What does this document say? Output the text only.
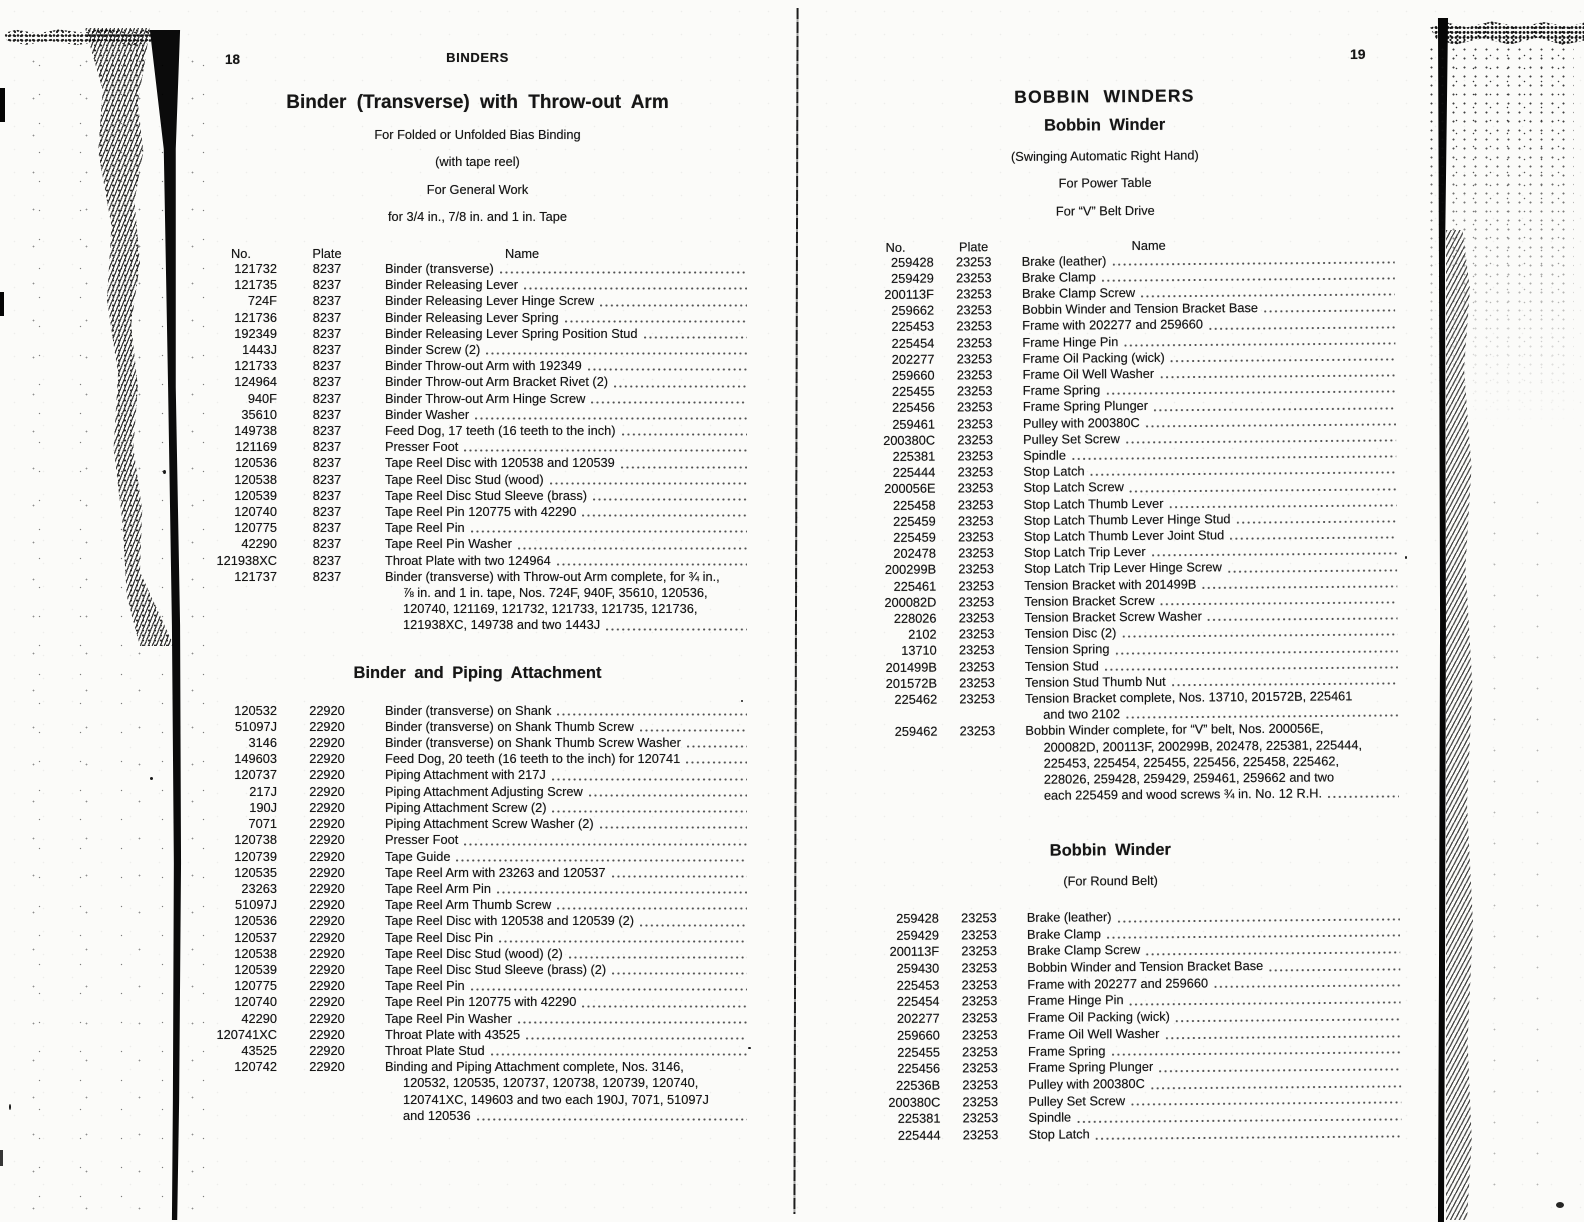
18	BINDERS
Binder (Transverse) with Throw-out Arm
For Folded or Unfolded Bias Binding
(with tape reel)
For General Work
for 3/4 in., 7/8 in. and 1 in. Tape
No.	Plate	Name
121732	8237	Binder (transverse)
121735	8237	Binder Releasing Lever
724F	8237	Binder Releasing Lever Hinge Screw
121736	8237	Binder Releasing Lever Spring
192349	8237	Binder Releasing Lever Spring Position Stud
1443J	8237	Binder Screw (2)
121733	8237	Binder Throw-out Arm with 192349
124964	8237	Binder Throw-out Arm Bracket Rivet (2)
940F	8237	Binder Throw-out Arm Hinge Screw
35610	8237	Binder Washer
149738	8237	Feed Dog, 17 teeth (16 teeth to the inch)
121169	8237	Presser Foot
120536	8237	Tape Reel Disc with 120538 and 120539
120538	8237	Tape Reel Disc Stud (wood)
120539	8237	Tape Reel Disc Stud Sleeve (brass)
120740	8237	Tape Reel Pin 120775 with 42290
120775	8237	Tape Reel Pin
42290	8237	Tape Reel Pin Washer
121938XC	8237	Throat Plate with two 124964
121737	8237	Binder (transverse) with Throw-out Arm complete, for ¾ in.,
⅞ in. and 1 in. tape, Nos. 724F, 940F, 35610, 120536,
120740, 121169, 121732, 121733, 121735, 121736,
121938XC, 149738 and two 1443J
Binder and Piping Attachment
120532	22920	Binder (transverse) on Shank
51097J	22920	Binder (transverse) on Shank Thumb Screw
3146	22920	Binder (transverse) on Shank Thumb Screw Washer
149603	22920	Feed Dog, 20 teeth (16 teeth to the inch) for 120741
120737	22920	Piping Attachment with 217J
217J	22920	Piping Attachment Adjusting Screw
190J	22920	Piping Attachment Screw (2)
7071	22920	Piping Attachment Screw Washer (2)
120738	22920	Presser Foot
120739	22920	Tape Guide
120535	22920	Tape Reel Arm with 23263 and 120537
23263	22920	Tape Reel Arm Pin
51097J	22920	Tape Reel Arm Thumb Screw
120536	22920	Tape Reel Disc with 120538 and 120539 (2)
120537	22920	Tape Reel Disc Pin
120538	22920	Tape Reel Disc Stud (wood) (2)
120539	22920	Tape Reel Disc Stud Sleeve (brass) (2)
120775	22920	Tape Reel Pin
120740	22920	Tape Reel Pin 120775 with 42290
42290	22920	Tape Reel Pin Washer
120741XC	22920	Throat Plate with 43525
43525	22920	Throat Plate Stud
120742	22920	Binding and Piping Attachment complete, Nos. 3146,
120532, 120535, 120737, 120738, 120739, 120740,
120741XC, 149603 and two each 190J, 7071, 51097J
and 120536
19
BOBBIN WINDERS
Bobbin Winder
(Swinging Automatic Right Hand)
For Power Table
For “V” Belt Drive
No.	Plate	Name
259428	23253	Brake (leather)
259429	23253	Brake Clamp
200113F	23253	Brake Clamp Screw
259662	23253	Bobbin Winder and Tension Bracket Base
225453	23253	Frame with 202277 and 259660
225454	23253	Frame Hinge Pin
202277	23253	Frame Oil Packing (wick)
259660	23253	Frame Oil Well Washer
225455	23253	Frame Spring
225456	23253	Frame Spring Plunger
259461	23253	Pulley with 200380C
200380C	23253	Pulley Set Screw
225381	23253	Spindle
225444	23253	Stop Latch
200056E	23253	Stop Latch Screw
225458	23253	Stop Latch Thumb Lever
225459	23253	Stop Latch Thumb Lever Hinge Stud
225459	23253	Stop Latch Thumb Lever Joint Stud
202478	23253	Stop Latch Trip Lever
200299B	23253	Stop Latch Trip Lever Hinge Screw
225461	23253	Tension Bracket with 201499B
200082D	23253	Tension Bracket Screw
228026	23253	Tension Bracket Screw Washer
2102	23253	Tension Disc (2)
13710	23253	Tension Spring
201499B	23253	Tension Stud
201572B	23253	Tension Stud Thumb Nut
225462	23253	Tension Bracket complete, Nos. 13710, 201572B, 225461
and two 2102
259462	23253	Bobbin Winder complete, for “V” belt, Nos. 200056E,
200082D, 200113F, 200299B, 202478, 225381, 225444,
225453, 225454, 225455, 225456, 225458, 225462,
228026, 259428, 259429, 259461, 259662 and two
each 225459 and wood screws ¾ in. No. 12 R.H.
Bobbin Winder
(For Round Belt)
259428	23253	Brake (leather)
259429	23253	Brake Clamp
200113F	23253	Brake Clamp Screw
259430	23253	Bobbin Winder and Tension Bracket Base
225453	23253	Frame with 202277 and 259660
225454	23253	Frame Hinge Pin
202277	23253	Frame Oil Packing (wick)
259660	23253	Frame Oil Well Washer
225455	23253	Frame Spring
225456	23253	Frame Spring Plunger
22536B	23253	Pulley with 200380C
200380C	23253	Pulley Set Screw
225381	23253	Spindle
225444	23253	Stop Latch
